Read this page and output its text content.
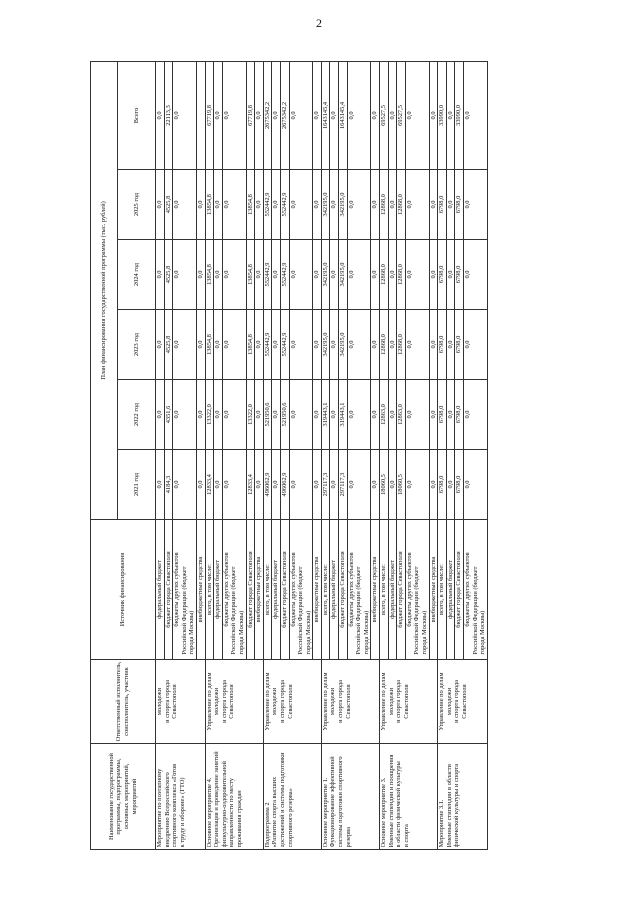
2
Наименование государственной программы, подпрограммы, основных мероприятий, мероприятий	Ответственный исполнитель, соисполнитель, участник	Источник финансирования	План финансирования государственной программы (тыс. рублей)					
			2021 год	2022 год	2023 год	2024 год	2025 год	Всего

Мероприятие по поэтапному внедрению Всероссийского спортивного комплекса «Готов к труду и обороне» (ГТО)	молодежи и спорта города Севастополя	федеральный бюджет	0,0	0,0	0,0	0,0	0,0	0,0

		бюджет города Севастополя	4184,3	4351,6	4525,8	4525,8	4525,8	22113,3

		бюджеты других субъектов Российской Федерации (бюджет города Москвы)	0,0	0,0	0,0	0,0	0,0	0,0

		внебюджетные средства	0,0	0,0	0,0	0,0	0,0	

Основное мероприятие 4. Организация и проведение занятий физкультурно-оздоровительной направленности по месту проживания граждан	Управление по делам молодежи и спорта города Севастополя	всего, в том числе:	12833,4	13322,0	13854,8	13854,8	13854,8	67719,8

		федеральный бюджет	0,0	0,0	0,0	0,0	0,0	0,0

		бюджеты других субъектов Российской Федерации (бюджет города Москвы)	0,0	0,0	0,0	0,0	0,0	0,0

		бюджет города Севастополя	12833,4	13322,0	13854,8	13854,8	13854,8	67719,8

		внебюджетные средства	0,0	0,0	0,0	0,0	0,0	0,0

Подпрограмма 2 «Развитие спорта высших достижений и системы подготовки спортивного резерва»	Управление по делам молодежи и спорта города Севастополя	всего, в том числе:	496062,9	521950,6	552442,9	552442,9	552442,9	2675342,2

		федеральный бюджет	0,0	0,0	0,0	0,0	0,0	0,0

		бюджет города Севастополя	496062,9	521950,6	552442,9	552442,9	552442,9	2675342,2

		бюджеты других субъектов Российской Федерации (бюджет города Москвы)	0,0	0,0	0,0	0,0	0,0	0,0

		внебюджетные средства	0,0	0,0	0,0	0,0	0,0	0,0

Основное мероприятие 1. Функционирование эффективной системы подготовки спортивного резерва	Управление по делам молодежи и спорта города Севастополя	всего, в том числе:	297117,3	319443,1	342195,0	342195,0	342195,0	1643145,4

		федеральный бюджет	0,0	0,0	0,0	0,0	0,0	0,0

		бюджет города Севастополя	297117,3	319443,1	342195,0	342195,0	342195,0	1643145,4

		бюджеты других субъектов Российской Федерации (бюджет города Москвы)	0,0	0,0	0,0	0,0	0,0	0,0

		внебюджетные средства	0,0	0,0	0,0	0,0	0,0	0,0

Основное мероприятие 3. Именные стипендии и поощрения в области физической культуры и спорта	Управление по делам молодежи и спорта города Севастополя	всего, в том числе:	18060,5	12863,0	12868,0	12868,0	12868,0	69527,5

		федеральный бюджет	0,0	0,0	0,0	0,0	0,0	0,0

		бюджет города Севастополя	18060,5	12863,0	12868,0	12868,0	12868,0	69527,5

		бюджеты других субъектов Российской Федерации (бюджет города Москвы)	0,0	0,0	0,0	0,0	0,0	0,0

		внебюджетные средства	0,0	0,0	0,0	0,0	0,0	0,0

Мероприятие 3.1. Именные стипендии в области физической культуры и спорта	Управление по делам молодежи и спорта города Севастополя	всего, в том числе:	6798,0	6798,0	6798,0	6798,0	6798,0	33990,0

		федеральный бюджет	0,0	0,0	0,0	0,0	0,0	0,0

		бюджет города Севастополя	6798,0	6798,0	6798,0	6798,0	6798,0	33990,0

		бюджеты других субъектов Российской Федерации (бюджет города Москвы)	0,0	0,0	0,0	0,0	0,0	0,0
